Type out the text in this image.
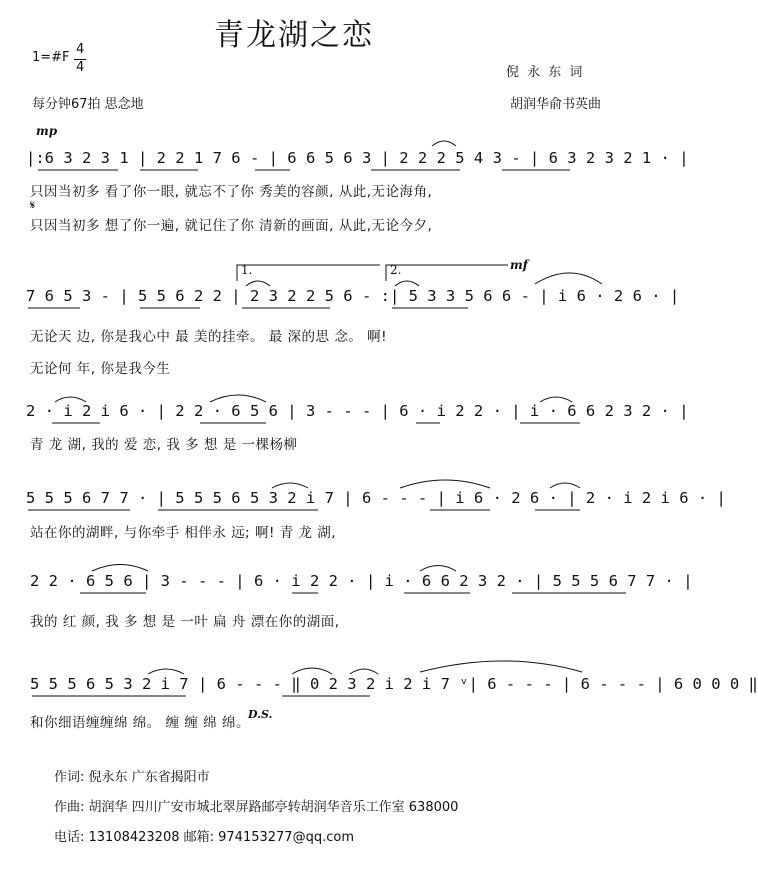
青龙湖之恋
1=#F
4
4	倪 永 东 词
每分钟67拍 思念地	胡润华俞书英曲
mp
|:6 3 2 3 1 | 2 2 1 7 6 - | 6 6 5 6 3 | 2 2 2 5 4 3 - | 6 3 2 3 2 1 · |
只因当初多 看了你一眼, 就忘不了你 秀美的容颜, 从此,无论海角,
𝄋
只因当初多 想了你一遍, 就记住了你 清新的画面, 从此,无论今夕,
1.	2.	mf
7 6 5 3 - | 5 5 6 2 2 | 2 3 2 2 5 6 - :| 5 3 3 5 6 6 - | i 6 · 2 6 · |
无论天 边, 你是我心中 最 美的挂牵。 最 深的思 念。 啊!
无论何 年, 你是我今生
2 · i 2 i 6 · | 2 2 · 6 5 6 | 3 - - - | 6 · i 2 2 · | i · 6 6 2 3 2 · |
青 龙 湖, 我的 爱 恋, 我 多 想 是 一棵杨柳
5 5 5 6 7 7 · | 5 5 5 6 5 3 2 i 7 | 6 - - - | i 6 · 2 6 · | 2 · i 2 i 6 · |
站在你的湖畔, 与你牵手 相伴永 远; 啊! 青 龙 湖,
2 2 · 6 5 6 | 3 - - - | 6 · i 2 2 · | i · 6 6 2 3 2 · | 5 5 5 6 7 7 · |
我的 红 颜, 我 多 想 是 一叶 扁 舟 漂在你的湖面,
5 5 5 6 5 3 2 i 7 | 6 - - - ‖ 0 2 3 2 i 2 i 7 ᵛ| 6 - - - | 6 - - - | 6 0 0 0 ‖
和你细语缠缠绵 绵。 缠 缠 绵 绵。
D.S.
作词: 倪永东 广东省揭阳市
作曲: 胡润华 四川广安市城北翠屏路邮亭转胡润华音乐工作室 638000
电话: 13108423208 邮箱: 974153277@qq.com
